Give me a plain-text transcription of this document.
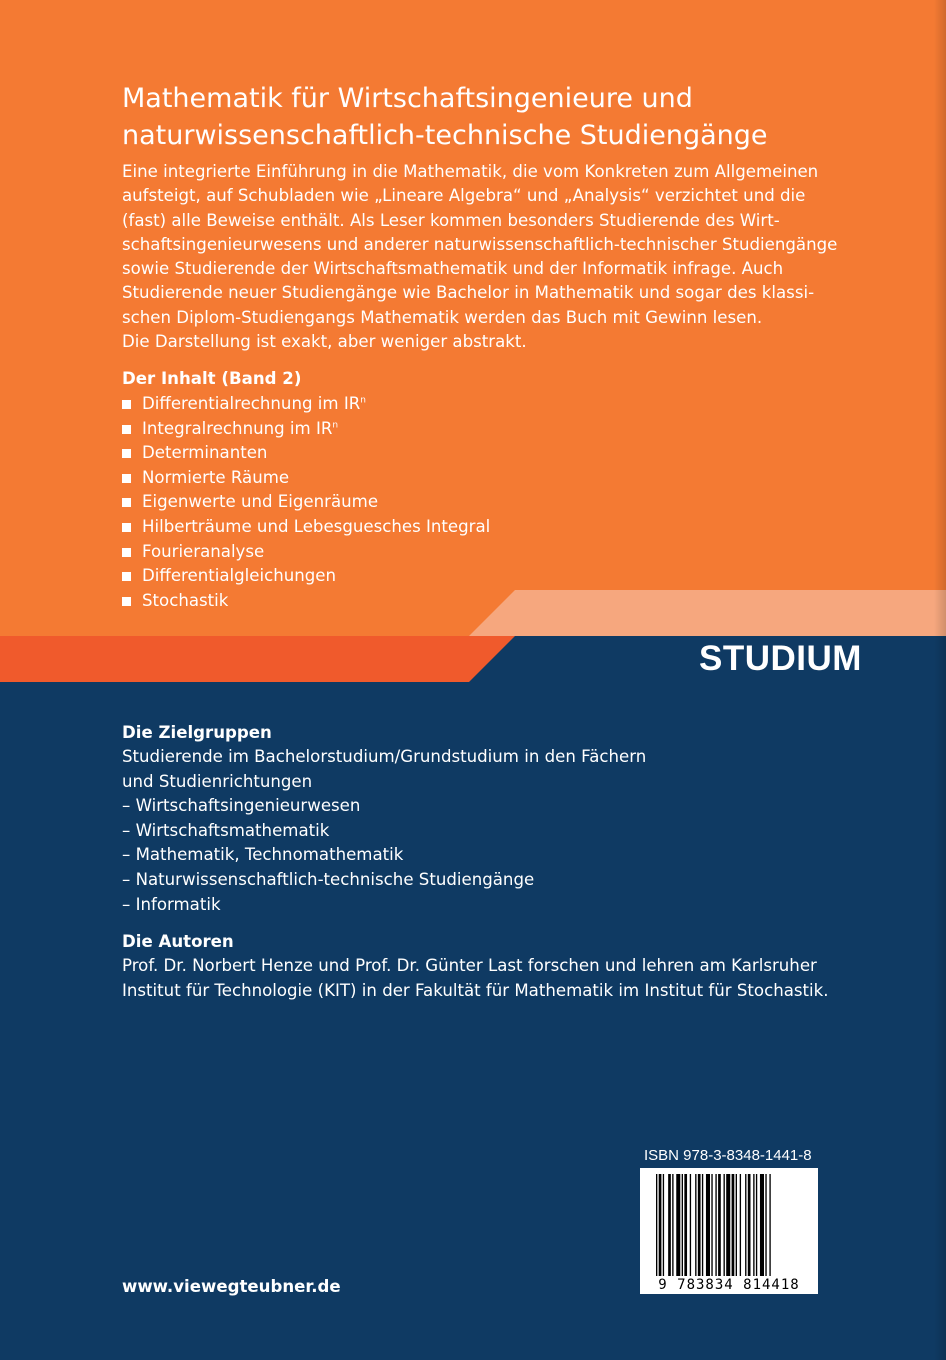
Mathematik für Wirtschaftsingenieure und
naturwissenschaftlich-technische Studiengänge
Eine integrierte Einführung in die Mathematik, die vom Konkreten zum Allgemeinen
aufsteigt, auf Schubladen wie „Lineare Algebra“ und „Analysis“ verzichtet und die
(fast) alle Beweise enthält. Als Leser kommen besonders Studierende des Wirt-
schaftsingenieurwesens und anderer naturwissenschaftlich-technischer Studiengänge
sowie Studierende der Wirtschaftsmathematik und der Informatik infrage. Auch
Studierende neuer Studiengänge wie Bachelor in Mathematik und sogar des klassi-
schen Diplom-Studiengangs Mathematik werden das Buch mit Gewinn lesen.
Die Darstellung ist exakt, aber weniger abstrakt.
Der Inhalt (Band 2)
Differentialrechnung im $IR^n$
Integralrechnung im $IR^n$
Determinanten
Normierte Räume
Eigenwerte und Eigenräume
Hilberträume und Lebesguesches Integral
Fourieranalyse
Differentialgleichungen
Stochastik
STUDIUM
Die Zielgruppen
Studierende im Bachelorstudium/Grundstudium in den Fächern
und Studienrichtungen
– Wirtschaftsingenieurwesen
– Wirtschaftsmathematik
– Mathematik, Technomathematik
– Naturwissenschaftlich-technische Studiengänge
– Informatik
Die Autoren
Prof. Dr. Norbert Henze und Prof. Dr. Günter Last forschen und lehren am Karlsruher
Institut für Technologie (KIT) in der Fakultät für Mathematik im Institut für Stochastik.
ISBN 978-3-8348-1441-8
9 783834 814418
www.viewegteubner.de
